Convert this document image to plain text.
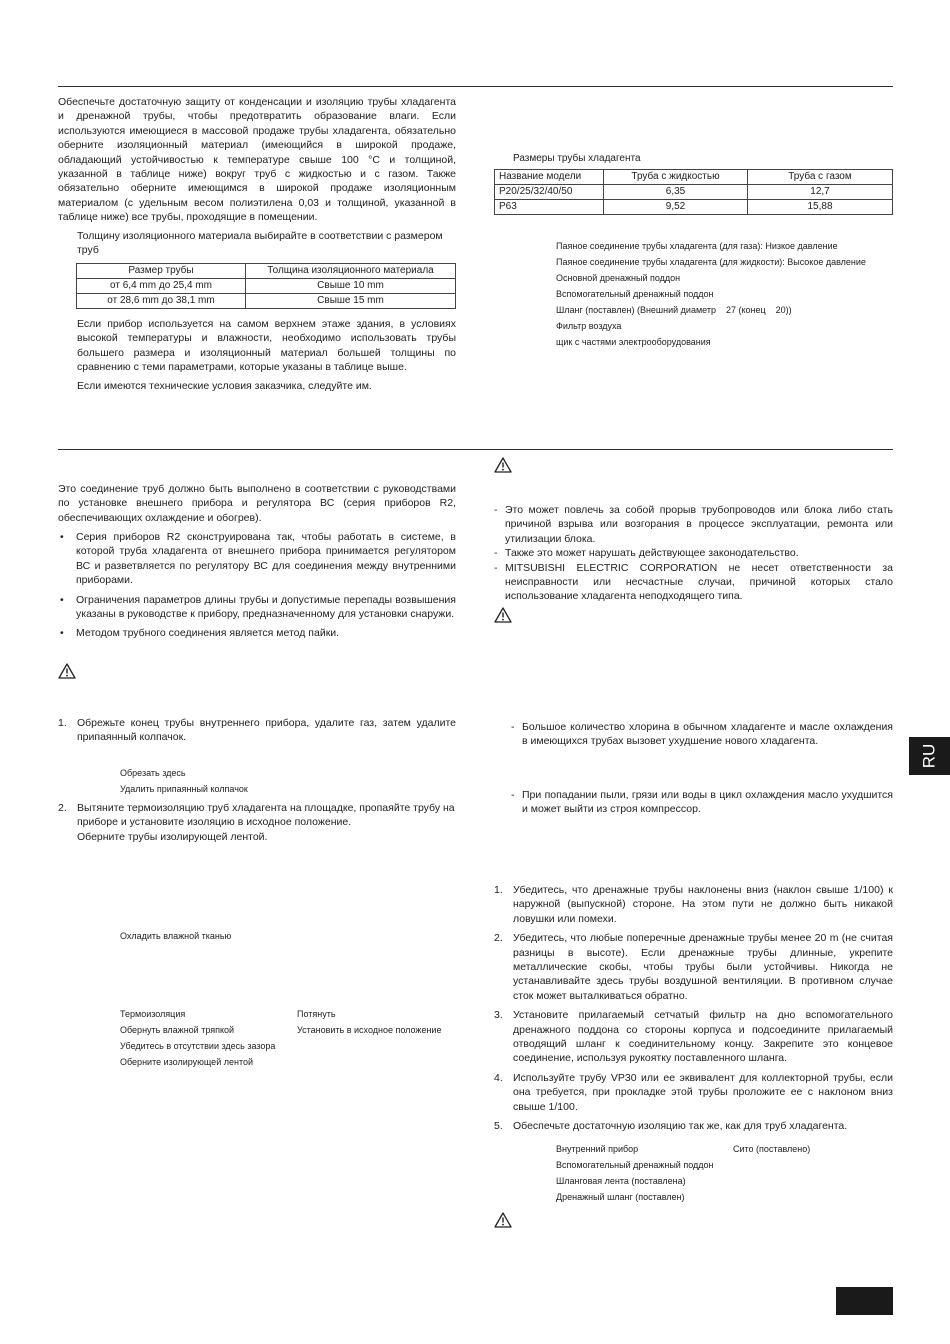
Обеспечьте достаточную защиту от конденсации и изоляцию трубы хладагента и дренажной трубы, чтобы предотвратить образование влаги. Если используются имеющиеся в массовой продаже трубы хладагента, обязательно оберните изоляционный материал (имеющийся в широкой продаже, обладающий устойчивостью к температуре свыше 100 °C и толщиной, указанной в таблице ниже) вокруг труб с жидкостью и с газом. Также обязательно оберните имеющимся в широкой продаже изоляционным материалом (с удельным весом полиэтилена 0,03 и толщиной, указанной в таблице ниже) все трубы, проходящие в помещении.

Толщину изоляционного материала выбирайте в соответствии с размером труб

Размер трубы	Толщина изоляционного материала
от 6,4 mm до 25,4 mm	Свыше 10 mm
от 28,6 mm до 38,1 mm	Свыше 15 mm

Если прибор используется на самом верхнем этаже здания, в условиях высокой температуры и влажности, необходимо использовать трубы большего размера и изоляционный материал большей толщины по сравнению с теми параметрами, которые указаны в таблице выше.

Если имеются технические условия заказчика, следуйте им.

Размеры трубы хладагента
Название модели	Труба с жидкостью	Труба с газом
P20/25/32/40/50	6,35	12,7
P63	9,52	15,88

Паяное соединение трубы хладагента (для газа): Низкое давление

Паяное соединение трубы хладагента (для жидкости): Высокое давление

Основной дренажный поддон

Вспомогательный дренажный поддон

Шланг (поставлен) (Внешний диаметр    27 (конец    20))

Фильтр воздуха

щик с частями электрооборудования

Это соединение труб должно быть выполнено в соответствии с руководствами по установке внешнего прибора и регулятора ВС (серия приборов R2, обеспечивающих охлаждение и обогрев).

• Серия приборов R2 сконструирована так, чтобы работать в системе, в которой труба хладагента от внешнего прибора принимается регулятором ВС и разветвляется по регулятору ВС для соединения между внутренними приборами.
• Ограничения параметров длины трубы и допустимые перепады возвышения указаны в руководстве к прибору, предназначенному для установки снаружи.
• Методом трубного соединения является метод пайки.
1. Обрежьте конец трубы внутреннего прибора, удалите газ, затем удалите припаянный колпачок.

Обрезать здесь

Удалить припаянный колпачок

2. Вытяните термоизоляцию труб хладагента на площадке, пропаяйте трубу на приборе и установите изоляцию в исходное положение.
Оберните трубы изолирующей лентой.

Охладить влажной тканью

Термоизоляция

Обернуть влажной тряпкой

Убедитесь в отсутствии здесь зазора

Оберните изолирующей лентой

Потянуть

Установить в исходное положение

- Это может повлечь за собой прорыв трубопроводов или блока либо стать причиной взрыва или возгорания в процессе эксплуатации, ремонта или утилизации блока.
- Также это может нарушать действующее законодательство.
- MITSUBISHI ELECTRIC CORPORATION не несет ответственности за неисправности или несчастные случаи, причиной которых стало использование хладагента неподходящего типа.
- Большое количество хлорина в обычном хладагенте и масле охлаждения в имеющихся трубах вызовет ухудшение нового хладагента.
- При попадании пыли, грязи или воды в цикл охлаждения масло ухудшится и может выйти из строя компрессор.
1. Убедитесь, что дренажные трубы наклонены вниз (наклон свыше 1/100) к наружной (выпускной) стороне. На этом пути не должно быть никакой ловушки или помехи.
2. Убедитесь, что любые поперечные дренажные трубы менее 20 m (не считая разницы в высоте). Если дренажные трубы длинные, укрепите металлические скобы, чтобы трубы были устойчивы. Никогда не устанавливайте здесь трубы воздушной вентиляции. В противном случае сток может выталкиваться обратно.
3. Установите прилагаемый сетчатый фильтр на дно вспомогательного дренажного поддона со стороны корпуса и подсоедините прилагаемый отводящий шланг к соединительному концу. Закрепите это концевое соединение, используя рукоятку поставленного шланга.
4. Используйте трубу VP30 или ее эквивалент для коллекторной трубы, если она требуется, при прокладке этой трубы проложите ее с наклоном вниз свыше 1/100.
5. Обеспечьте достаточную изоляцию так же, как для труб хладагента.

Внутренний прибор

Вспомогательный дренажный поддон

Шланговая лента (поставлена)

Дренажный шланг (поставлен)

Сито (поставлено)

RU
